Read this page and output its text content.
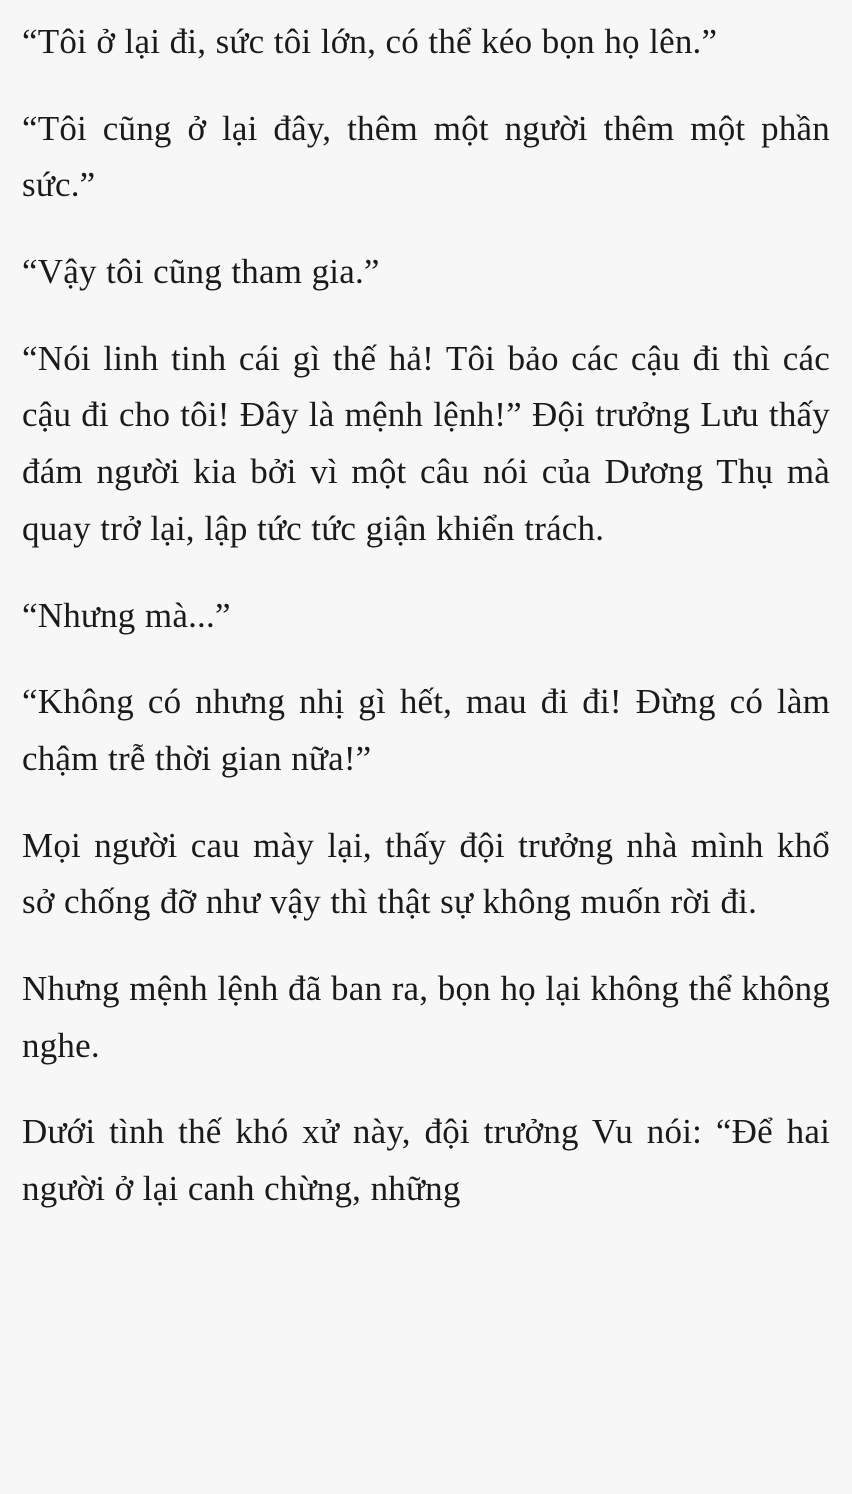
“Tôi ở lại đi, sức tôi lớn, có thể kéo bọn họ lên.”

“Tôi cũng ở lại đây, thêm một người thêm một phần sức.”

“Vậy tôi cũng tham gia.”

“Nói linh tinh cái gì thế hả! Tôi bảo các cậu đi thì các cậu đi cho tôi! Đây là mệnh lệnh!” Đội trưởng Lưu thấy đám người kia bởi vì một câu nói của Dương Thụ mà quay trở lại, lập tức tức giận khiển trách.

“Nhưng mà...”

“Không có nhưng nhị gì hết, mau đi đi! Đừng có làm chậm trễ thời gian nữa!”

Mọi người cau mày lại, thấy đội trưởng nhà mình khổ sở chống đỡ như vậy thì thật sự không muốn rời đi.

Nhưng mệnh lệnh đã ban ra, bọn họ lại không thể không nghe.

Dưới tình thế khó xử này, đội trưởng Vu nói: “Để hai người ở lại canh chừng, những
